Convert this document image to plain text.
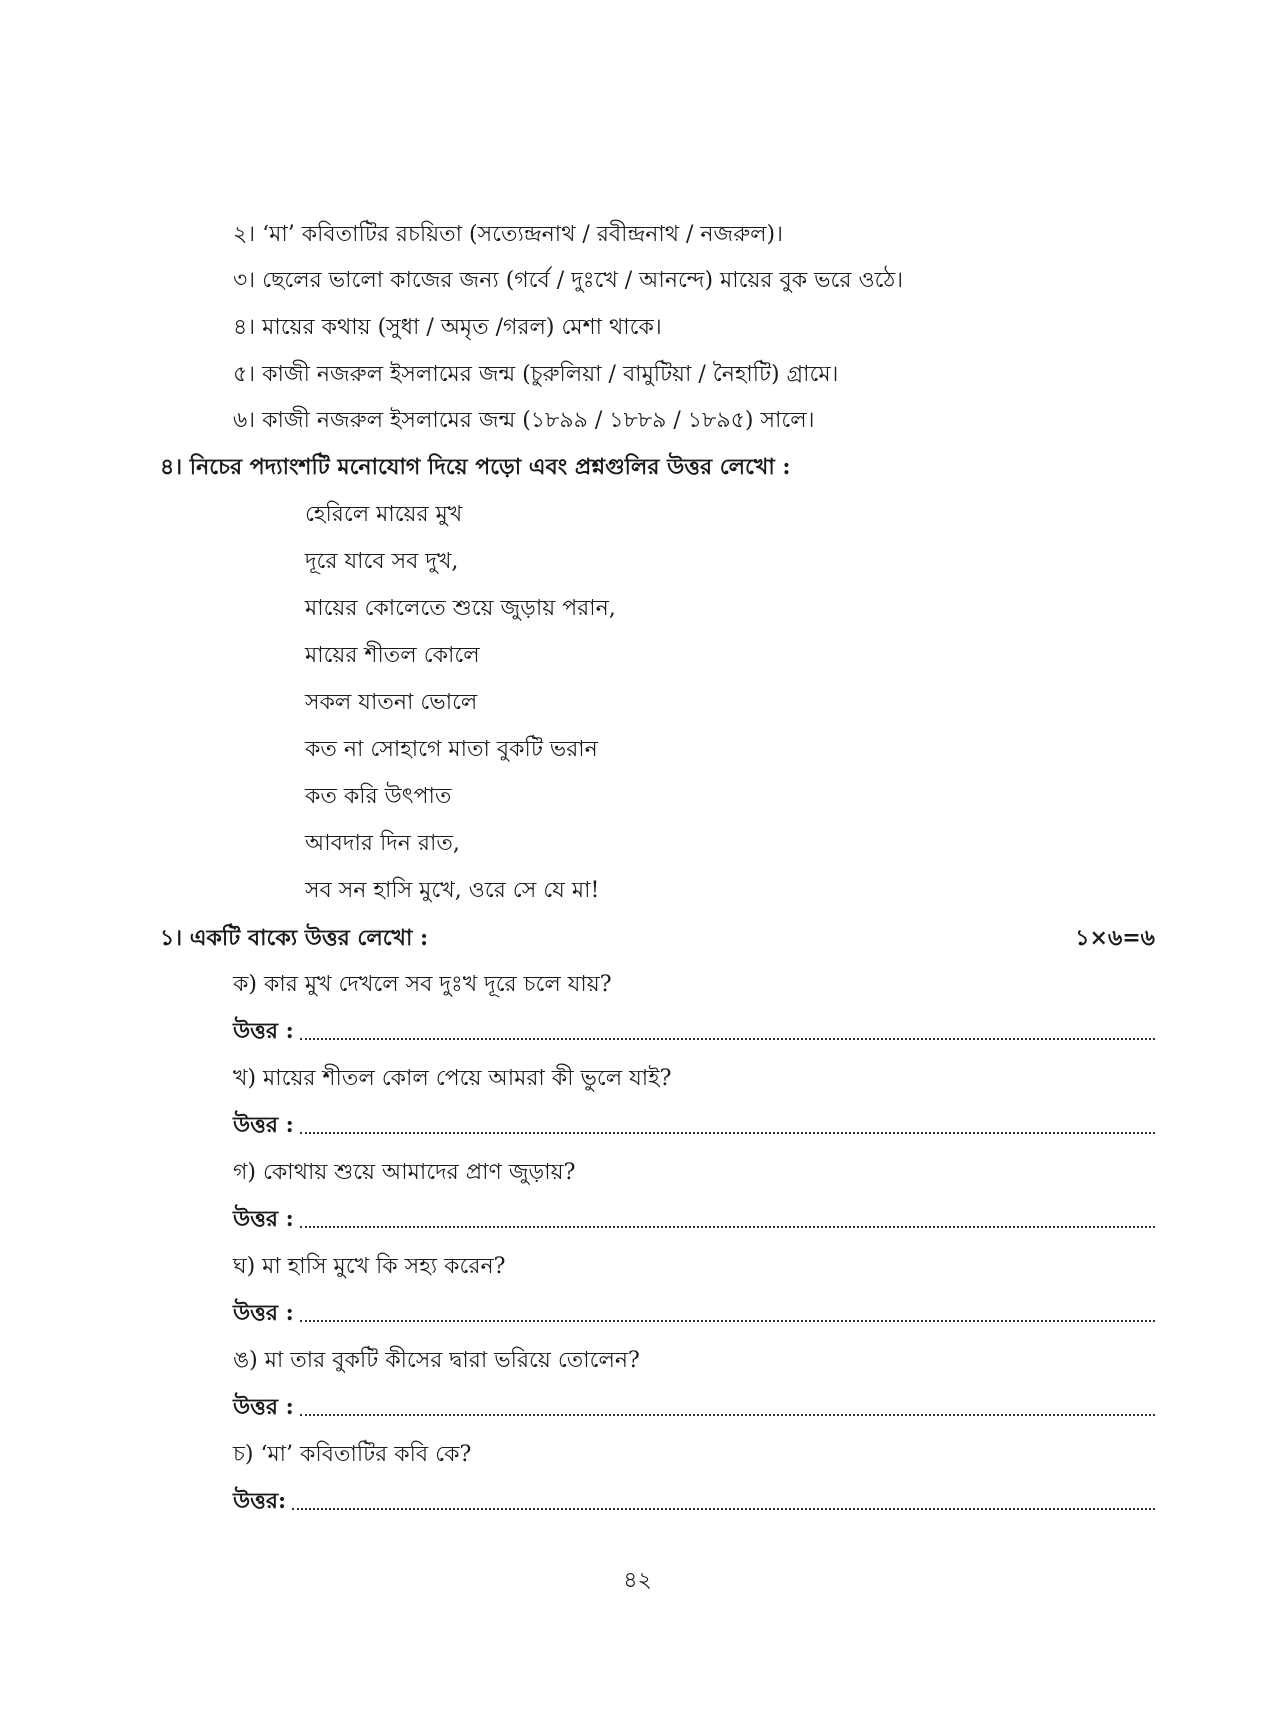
২। ‘মা’ কবিতাটির রচয়িতা (সত্যেন্দ্রনাথ / রবীন্দ্রনাথ / নজরুল)।
৩। ছেলের ভালো কাজের জন্য (গর্বে / দুঃখে / আনন্দে) মায়ের বুক ভরে ওঠে।
৪। মায়ের কথায় (সুধা / অমৃত /গরল) মেশা থাকে।
৫। কাজী নজরুল ইসলামের জন্ম (চুরুলিয়া / বামুটিয়া / নৈহাটি) গ্রামে।
৬। কাজী নজরুল ইসলামের জন্ম (১৮৯৯ / ১৮৮৯ / ১৮৯৫) সালে।
৪। নিচের পদ্যাংশটি মনোযোগ দিয়ে পড়ো এবং প্রশ্নগুলির উত্তর লেখো :
হেরিলে মায়ের মুখ
দূরে যাবে সব দুখ,
মায়ের কোলেতে শুয়ে জুড়ায় পরান,
মায়ের শীতল কোলে
সকল যাতনা ভোলে
কত না সোহাগে মাতা বুকটি ভরান
কত করি উৎপাত
আবদার দিন রাত,
সব সন হাসি মুখে, ওরে সে যে মা!
১। একটি বাক্যে উত্তর লেখো :	১×৬=৬
ক) কার মুখ দেখলে সব দুঃখ দূরে চলে যায়?
উত্তর :
খ) মায়ের শীতল কোল পেয়ে আমরা কী ভুলে যাই?
উত্তর :
গ) কোথায় শুয়ে আমাদের প্রাণ জুড়ায়?
উত্তর :
ঘ) মা হাসি মুখে কি সহ্য করেন?
উত্তর :
ঙ) মা তার বুকটি কীসের দ্বারা ভরিয়ে তোলেন?
উত্তর :
চ) ‘মা’ কবিতাটির কবি কে?
উত্তর:
৪২
